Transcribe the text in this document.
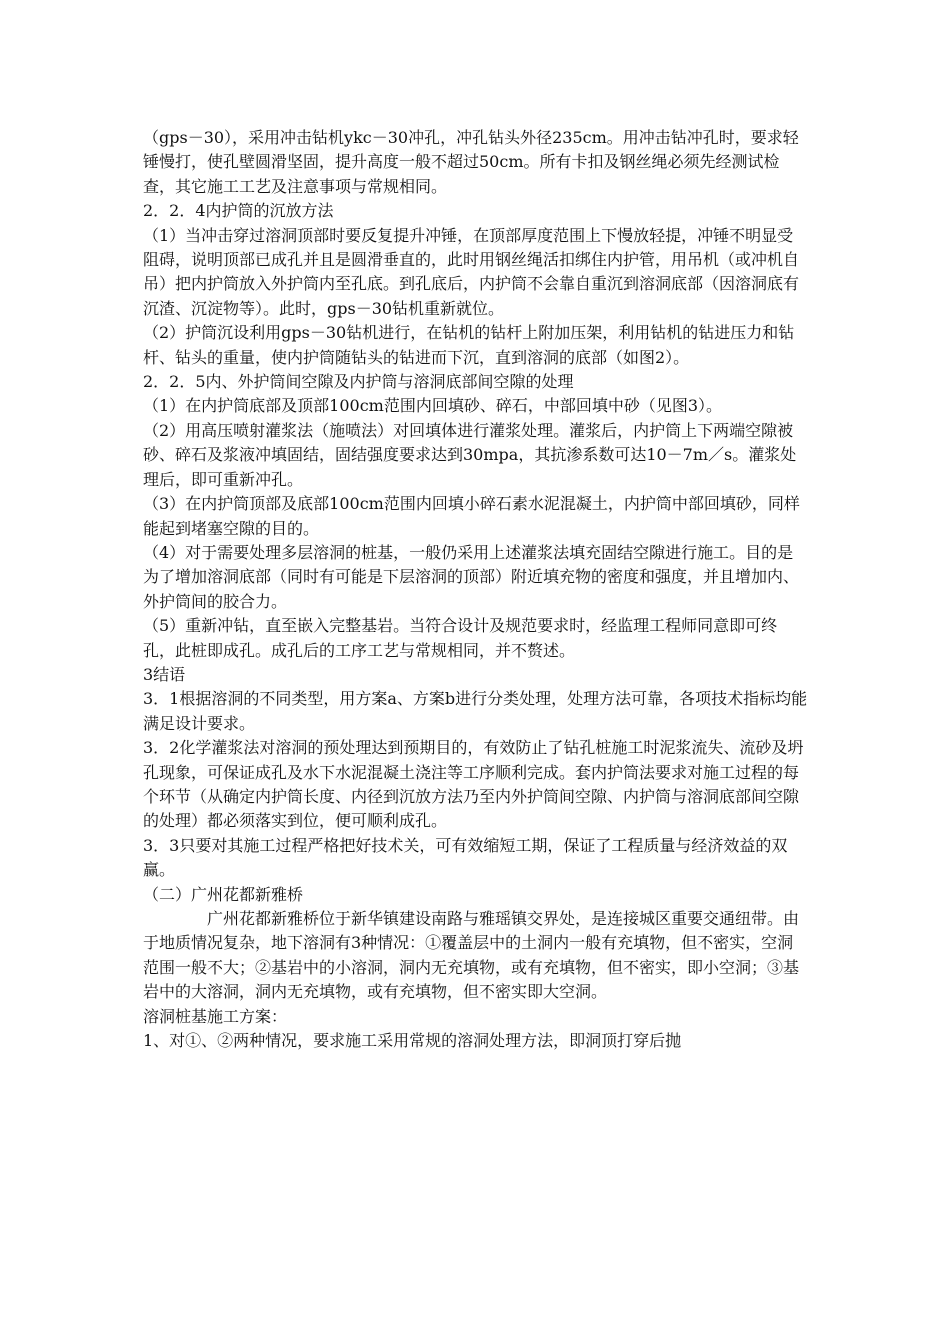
（gps－30），采用冲击钻机ykc－30冲孔，冲孔钻头外径235cm。用冲击钻冲孔时，要求轻锤慢打，使孔壁圆滑坚固，提升高度一般不超过50cm。所有卡扣及钢丝绳必须先经测试检查，其它施工工艺及注意事项与常规相同。

2．2．4内护筒的沉放方法

（1）当冲击穿过溶洞顶部时要反复提升冲锤，在顶部厚度范围上下慢放轻提，冲锤不明显受阻碍，说明顶部已成孔并且是圆滑垂直的，此时用钢丝绳活扣绑住内护管，用吊机（或冲机自吊）把内护筒放入外护筒内至孔底。到孔底后，内护筒不会靠自重沉到溶洞底部（因溶洞底有沉渣、沉淀物等）。此时，gps－30钻机重新就位。

（2）护筒沉设利用gps－30钻机进行，在钻机的钻杆上附加压架，利用钻机的钻进压力和钻杆、钻头的重量，使内护筒随钻头的钻进而下沉，直到溶洞的底部（如图2）。

2．2．5内、外护筒间空隙及内护筒与溶洞底部间空隙的处理

（1）在内护筒底部及顶部100cm范围内回填砂、碎石，中部回填中砂（见图3）。

（2）用高压喷射灌浆法（施喷法）对回填体进行灌浆处理。灌浆后，内护筒上下两端空隙被砂、碎石及浆液冲填固结，固结强度要求达到30mpa，其抗渗系数可达10－7m／s。灌浆处理后，即可重新冲孔。

（3）在内护筒顶部及底部100cm范围内回填小碎石素水泥混凝土，内护筒中部回填砂，同样能起到堵塞空隙的目的。

（4）对于需要处理多层溶洞的桩基，一般仍采用上述灌浆法填充固结空隙进行施工。目的是为了增加溶洞底部（同时有可能是下层溶洞的顶部）附近填充物的密度和强度，并且增加内、外护筒间的胶合力。

（5）重新冲钻，直至嵌入完整基岩。当符合设计及规范要求时，经监理工程师同意即可终孔，此桩即成孔。成孔后的工序工艺与常规相同，并不赘述。

3结语

3．1根据溶洞的不同类型，用方案a、方案b进行分类处理，处理方法可靠，各项技术指标均能满足设计要求。

3．2化学灌浆法对溶洞的预处理达到预期目的，有效防止了钻孔桩施工时泥浆流失、流砂及坍孔现象，可保证成孔及水下水泥混凝土浇注等工序顺利完成。套内护筒法要求对施工过程的每个环节（从确定内护筒长度、内径到沉放方法乃至内外护筒间空隙、内护筒与溶洞底部间空隙的处理）都必须落实到位，便可顺利成孔。

3．3只要对其施工过程严格把好技术关，可有效缩短工期，保证了工程质量与经济效益的双赢。

（二）广州花都新雅桥

广州花都新雅桥位于新华镇建设南路与雅瑶镇交界处，是连接城区重要交通纽带。由于地质情况复杂，地下溶洞有3种情况：①覆盖层中的土洞内一般有充填物，但不密实，空洞范围一般不大；②基岩中的小溶洞，洞内无充填物，或有充填物，但不密实，即小空洞；③基岩中的大溶洞，洞内无充填物，或有充填物，但不密实即大空洞。

溶洞桩基施工方案：

1、对①、②两种情况，要求施工采用常规的溶洞处理方法，即洞顶打穿后抛
